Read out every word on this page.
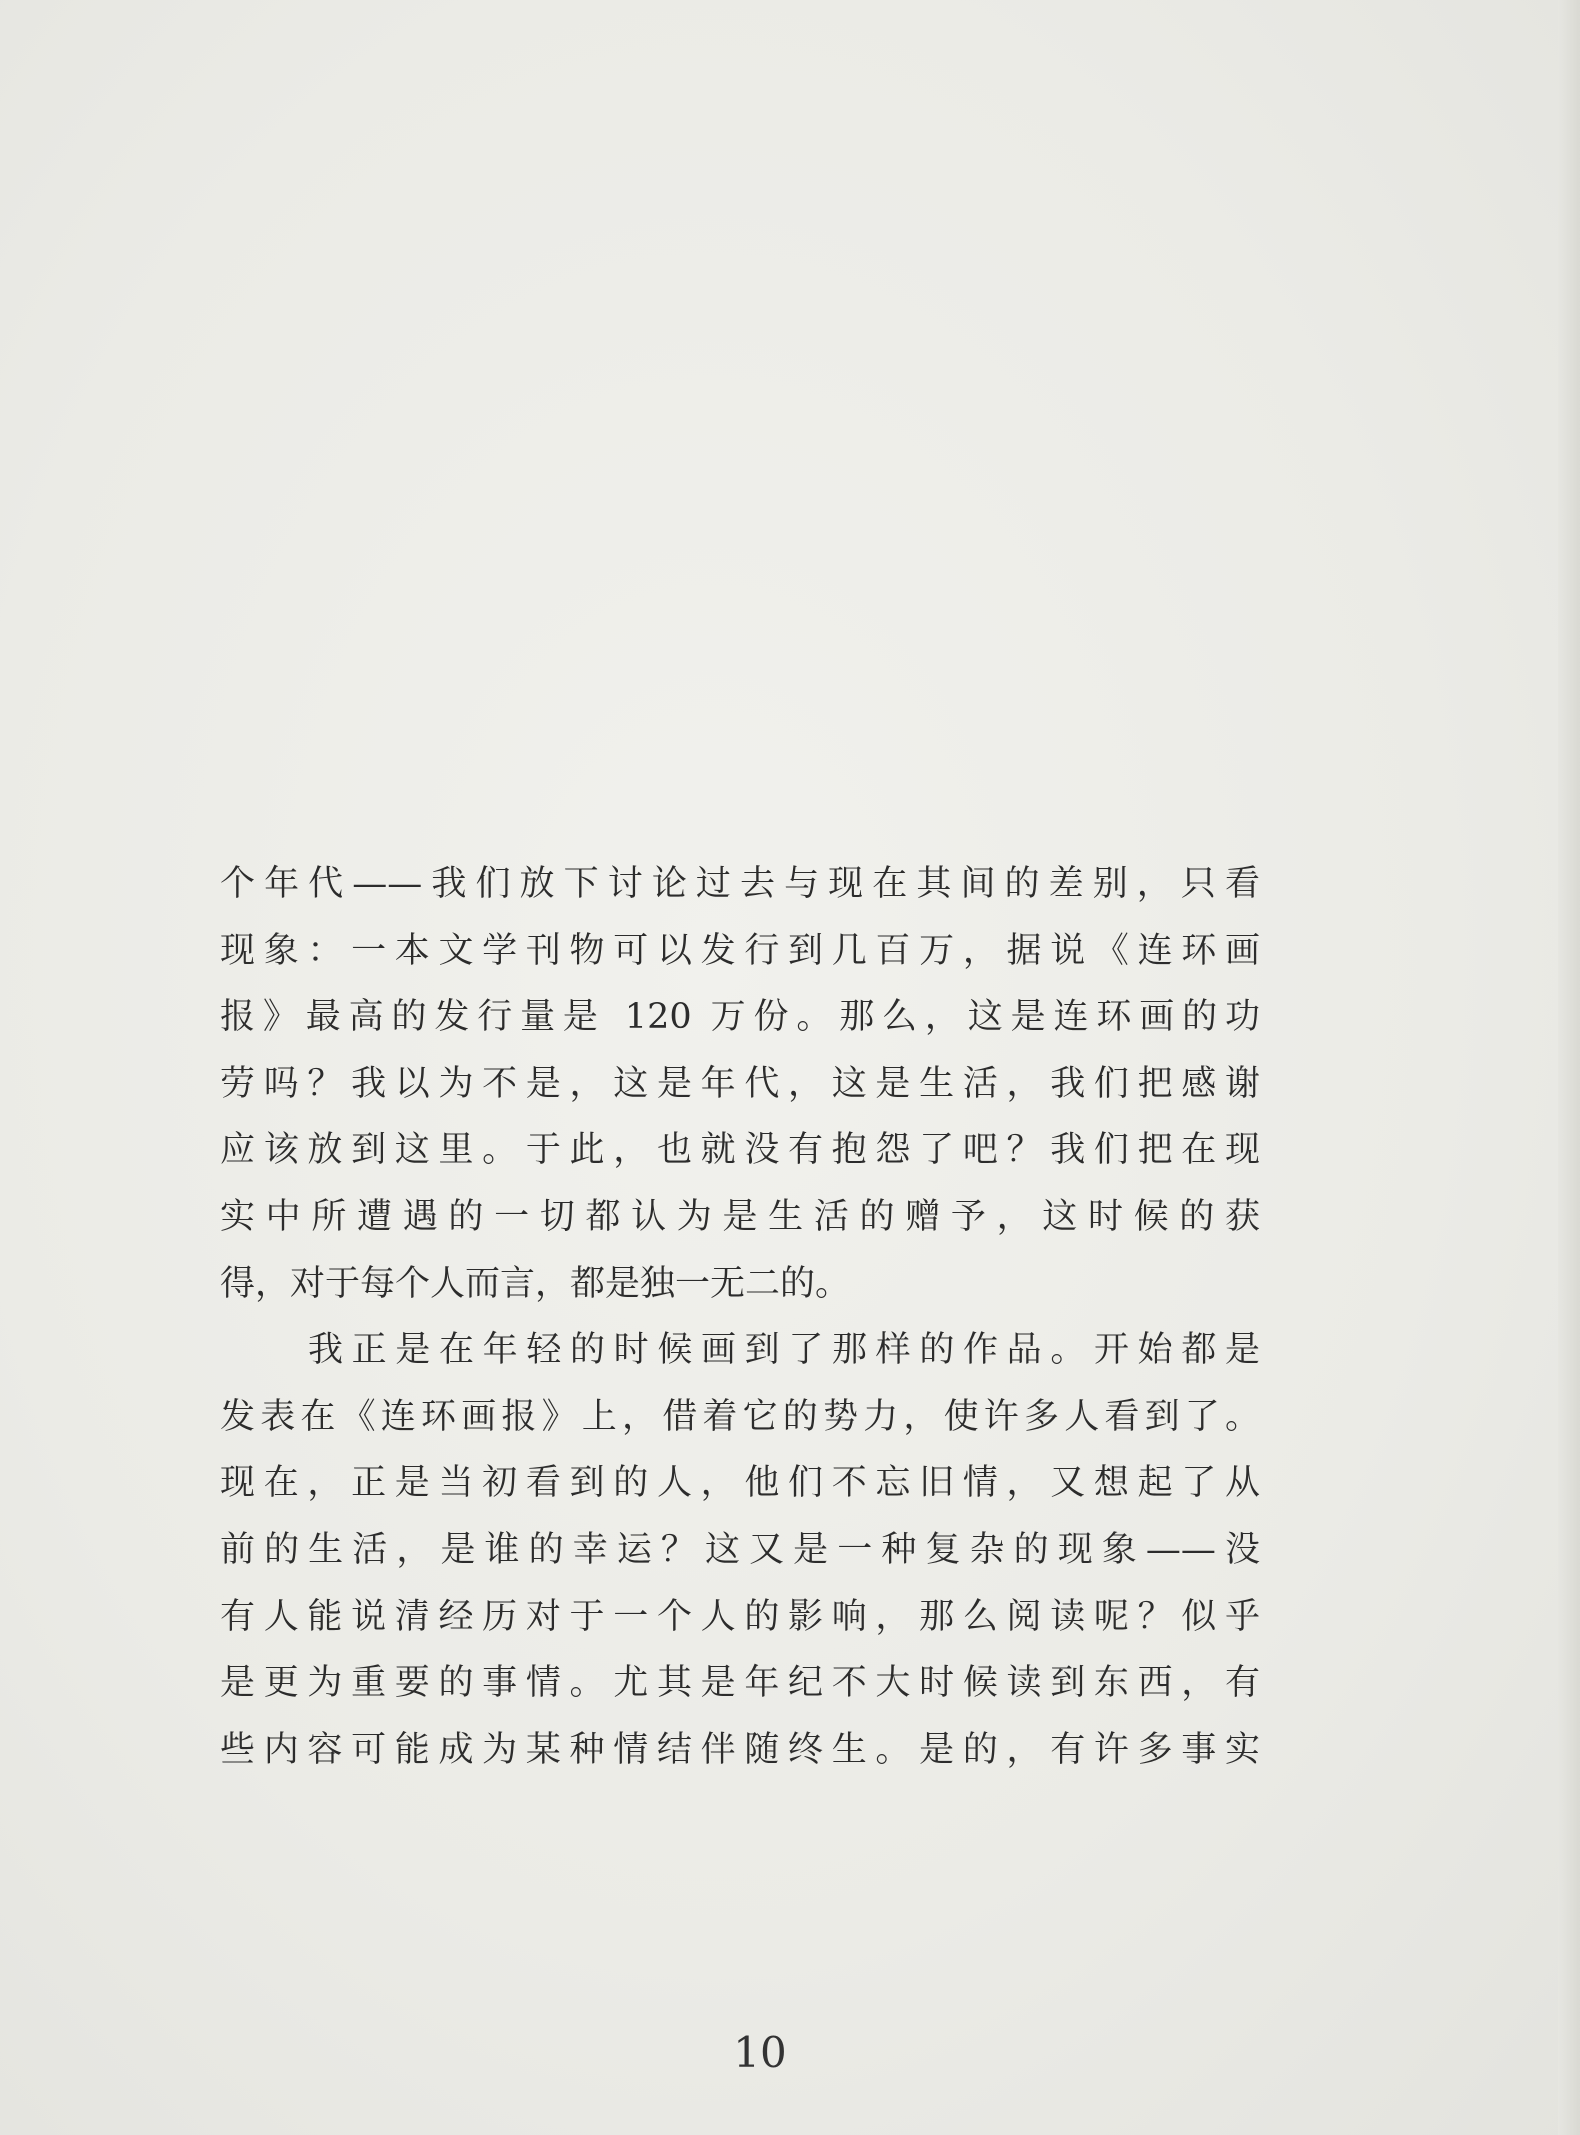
个年代——我们放下讨论过去与现在其间的差别，只看
现象：一本文学刊物可以发行到几百万，据说《连环画
报》最高的发行量是 120 万份。那么，这是连环画的功
劳吗？我以为不是，这是年代，这是生活，我们把感谢
应该放到这里。于此，也就没有抱怨了吧？我们把在现
实中所遭遇的一切都认为是生活的赠予，这时候的获
得，对于每个人而言，都是独一无二的。
我正是在年轻的时候画到了那样的作品。开始都是
发表在《连环画报》上，借着它的势力，使许多人看到了。
现在，正是当初看到的人，他们不忘旧情，又想起了从
前的生活，是谁的幸运？这又是一种复杂的现象——没
有人能说清经历对于一个人的影响，那么阅读呢？似乎
是更为重要的事情。尤其是年纪不大时候读到东西，有
些内容可能成为某种情结伴随终生。是的，有许多事实
10
